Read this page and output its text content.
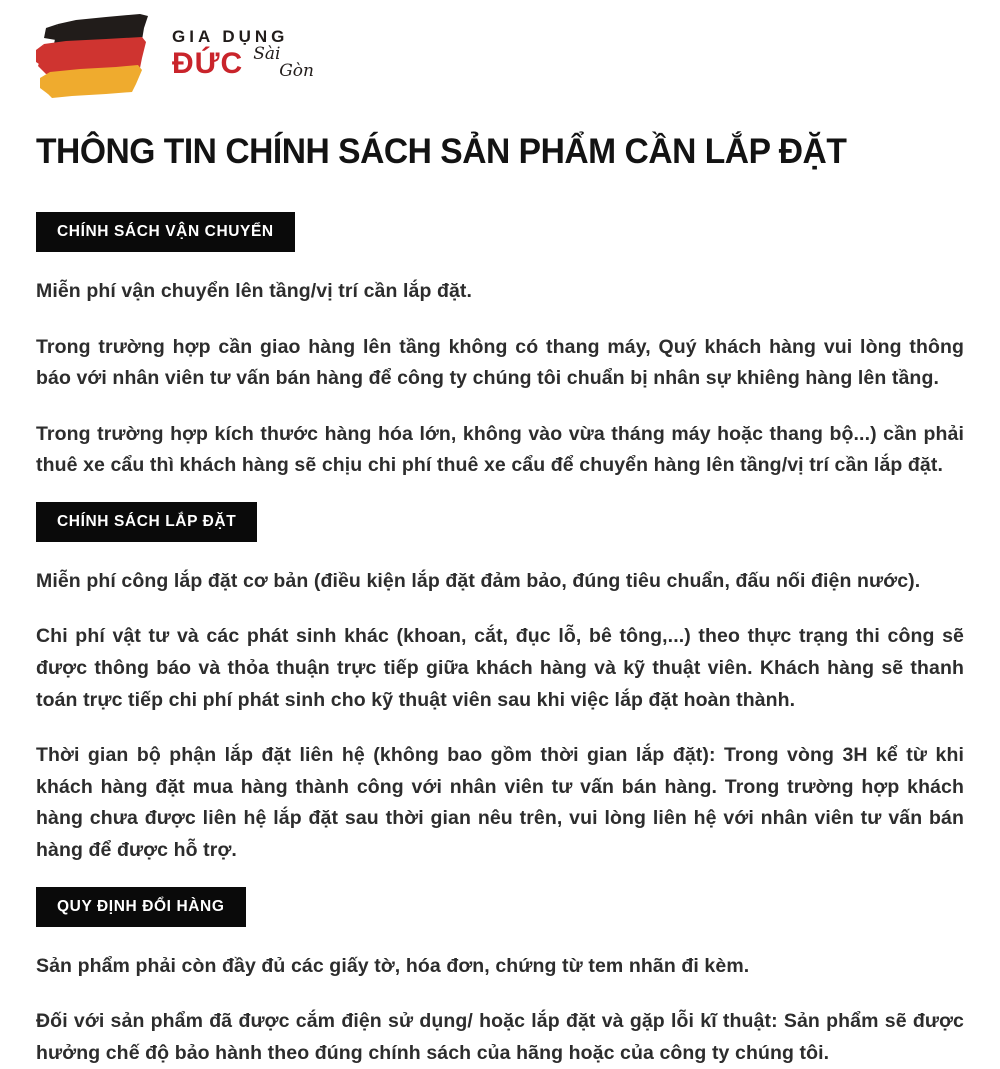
GIA DỤNG
ĐỨC Sài
Gòn
THÔNG TIN CHÍNH SÁCH SẢN PHẨM CẦN LẮP ĐẶT
CHÍNH SÁCH VẬN CHUYỂN

Miễn phí vận chuyển lên tầng/vị trí cần lắp đặt.

Trong trường hợp cần giao hàng lên tầng không có thang máy, Quý khách hàng vui lòng thông báo với nhân viên tư vấn bán hàng để công ty chúng tôi chuẩn bị nhân sự khiêng hàng lên tầng.

Trong trường hợp kích thước hàng hóa lớn, không vào vừa tháng máy hoặc thang bộ...) cần phải thuê xe cẩu thì khách hàng sẽ chịu chi phí thuê xe cẩu để chuyển hàng lên tầng/vị trí cần lắp đặt.

CHÍNH SÁCH LẮP ĐẶT

Miễn phí công lắp đặt cơ bản (điều kiện lắp đặt đảm bảo, đúng tiêu chuẩn, đấu nối điện nước).

Chi phí vật tư và các phát sinh khác (khoan, cắt, đục lỗ, bê tông,...) theo thực trạng thi công sẽ được thông báo và thỏa thuận trực tiếp giữa khách hàng và kỹ thuật viên. Khách hàng sẽ thanh toán trực tiếp chi phí phát sinh cho kỹ thuật viên sau khi việc lắp đặt hoàn thành.

Thời gian bộ phận lắp đặt liên hệ (không bao gồm thời gian lắp đặt): Trong vòng 3H kể từ khi khách hàng đặt mua hàng thành công với nhân viên tư vấn bán hàng. Trong trường hợp khách hàng chưa được liên hệ lắp đặt sau thời gian nêu trên, vui lòng liên hệ với nhân viên tư vấn bán hàng để được hỗ trợ.

QUY ĐỊNH ĐỔI HÀNG

Sản phẩm phải còn đầy đủ các giấy tờ, hóa đơn, chứng từ tem nhãn đi kèm.

Đối với sản phẩm đã được cắm điện sử dụng/ hoặc lắp đặt và gặp lỗi kĩ thuật: Sản phẩm sẽ được hưởng chế độ bảo hành theo đúng chính sách của hãng hoặc của công ty chúng tôi.
